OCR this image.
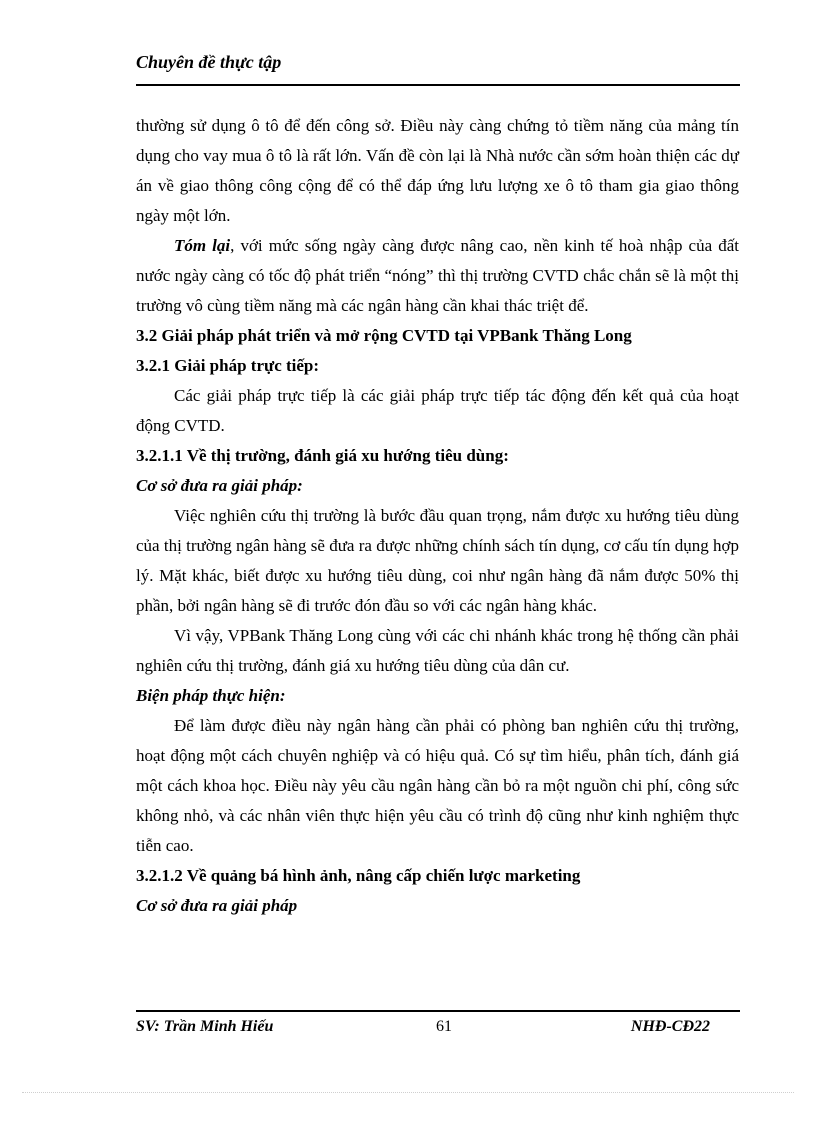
Chuyên đề thực tập

thường sử dụng ô tô để đến công sở. Điều này càng chứng tỏ tiềm năng của mảng tín dụng cho vay mua ô tô là rất lớn. Vấn đề còn lại là Nhà nước cần sớm hoàn thiện các dự án về giao thông công cộng để có thể đáp ứng lưu lượng xe ô tô tham gia giao thông ngày một lớn.

Tóm lại, với mức sống ngày càng được nâng cao, nền kinh tế hoà nhập của đất nước ngày càng có tốc độ phát triển “nóng” thì thị trường CVTD chắc chắn sẽ là một thị trường vô cùng tiềm năng mà các ngân hàng cần khai thác triệt để.

3.2 Giải pháp phát triển và mở rộng CVTD tại VPBank Thăng Long

3.2.1 Giải pháp trực tiếp:

Các giải pháp trực tiếp là các giải pháp trực tiếp tác động đến kết quả của hoạt động CVTD.

3.2.1.1 Về thị trường, đánh giá xu hướng tiêu dùng:

Cơ sở đưa ra giải pháp:

Việc nghiên cứu thị trường là bước đầu quan trọng, nắm được xu hướng tiêu dùng của thị trường ngân hàng sẽ đưa ra được những chính sách tín dụng, cơ cấu tín dụng hợp lý. Mặt khác, biết được xu hướng tiêu dùng, coi như ngân hàng đã nắm được 50% thị phần, bởi ngân hàng sẽ đi trước đón đầu so với các ngân hàng khác.

Vì vậy, VPBank Thăng Long cùng với các chi nhánh khác trong hệ thống cần phải nghiên cứu thị trường, đánh giá xu hướng tiêu dùng của dân cư.

Biện pháp thực hiện:

Để làm được điều này ngân hàng cần phải có phòng ban nghiên cứu thị trường, hoạt động một cách chuyên nghiệp và có hiệu quả. Có sự tìm hiểu, phân tích, đánh giá một cách khoa học. Điều này yêu cầu ngân hàng cần bỏ ra một nguồn chi phí, công sức không nhỏ, và các nhân viên thực hiện yêu cầu có trình độ cũng như kinh nghiệm thực tiễn cao.

3.2.1.2 Về quảng bá hình ảnh, nâng cấp chiến lược marketing

Cơ sở đưa ra giải pháp

SV: Trần Minh Hiếu	61	NHĐ-CĐ22
